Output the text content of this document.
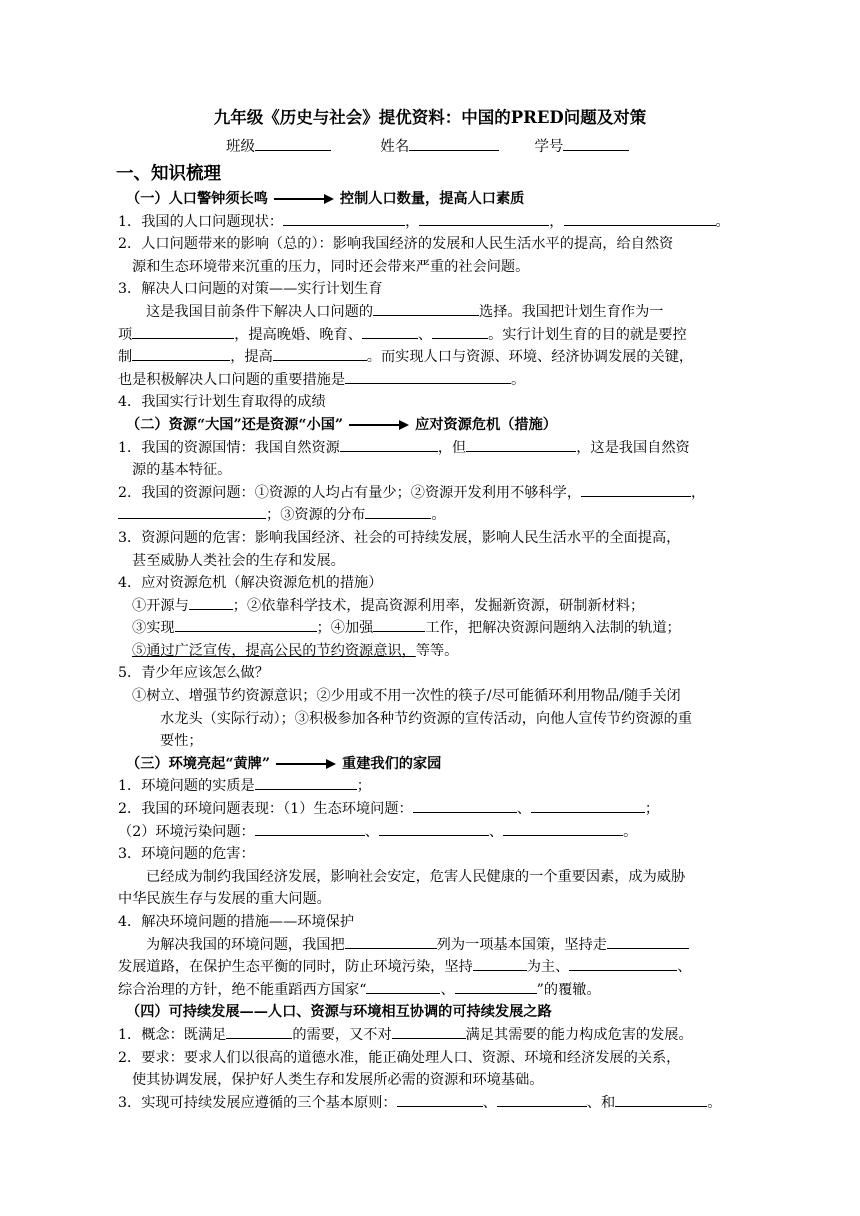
九年级《历史与社会》提优资料：中国的PRED问题及对策
班级	姓名	学号
一、知识梳理
（一）人口警钟须长鸣	控制人口数量，提高人口素质
1．我国的人口问题现状：	，	，	。
2．人口问题带来的影响（总的）：影响我国经济的发展和人民生活水平的提高，给自然资
源和生态环境带来沉重的压力，同时还会带来严重的社会问题。
3．解决人口问题的对策——实行计划生育
这是我国目前条件下解决人口问题的	选择。我国把计划生育作为一
项	，提高晚婚、晚育、	、	。实行计划生育的目的就是要控
制	，提高	。而实现人口与资源、环境、经济协调发展的关键，
也是积极解决人口问题的重要措施是	。
4．我国实行计划生育取得的成绩
（二）资源“大国”还是资源“小国”	应对资源危机（措施）
1．我国的资源国情：我国自然资源	，但	，这是我国自然资
源的基本特征。
2．我国的资源问题：①资源的人均占有量少；②资源开发利用不够科学，	，
；③资源的分布	。
3．资源问题的危害：影响我国经济、社会的可持续发展，影响人民生活水平的全面提高，
甚至威胁人类社会的生存和发展。
4．应对资源危机（解决资源危机的措施）
①开源与	；②依靠科学技术，提高资源利用率，发掘新资源，研制新材料；
③实现	；④加强	工作，把解决资源问题纳入法制的轨道；
⑤通过广泛宣传，提高公民的节约资源意识，等等。
5．青少年应该怎么做？
①树立、增强节约资源意识；②少用或不用一次性的筷子/尽可能循环利用物品/随手关闭
水龙头（实际行动）；③积极参加各种节约资源的宣传活动，向他人宣传节约资源的重
要性；
（三）环境亮起“黄牌”	重建我们的家园
1．环境问题的实质是	；
2．我国的环境问题表现：（1）生态环境问题：	、	；
（2）环境污染问题：	、	、	。
3．环境问题的危害：
已经成为制约我国经济发展，影响社会安定，危害人民健康的一个重要因素，成为威胁
中华民族生存与发展的重大问题。
4．解决环境问题的措施——环境保护
为解决我国的环境问题，我国把	列为一项基本国策，坚持走
发展道路，在保护生态平衡的同时，防止环境污染，坚持	为主、	、
综合治理的方针，绝不能重蹈西方国家“	、	”的覆辙。
（四）可持续发展——人口、资源与环境相互协调的可持续发展之路
1．概念：既满足	的需要，又不对	满足其需要的能力构成危害的发展。
2．要求：要求人们以很高的道德水准，能正确处理人口、资源、环境和经济发展的关系，
使其协调发展，保护好人类生存和发展所必需的资源和环境基础。
3．实现可持续发展应遵循的三个基本原则：	、	、和	。
